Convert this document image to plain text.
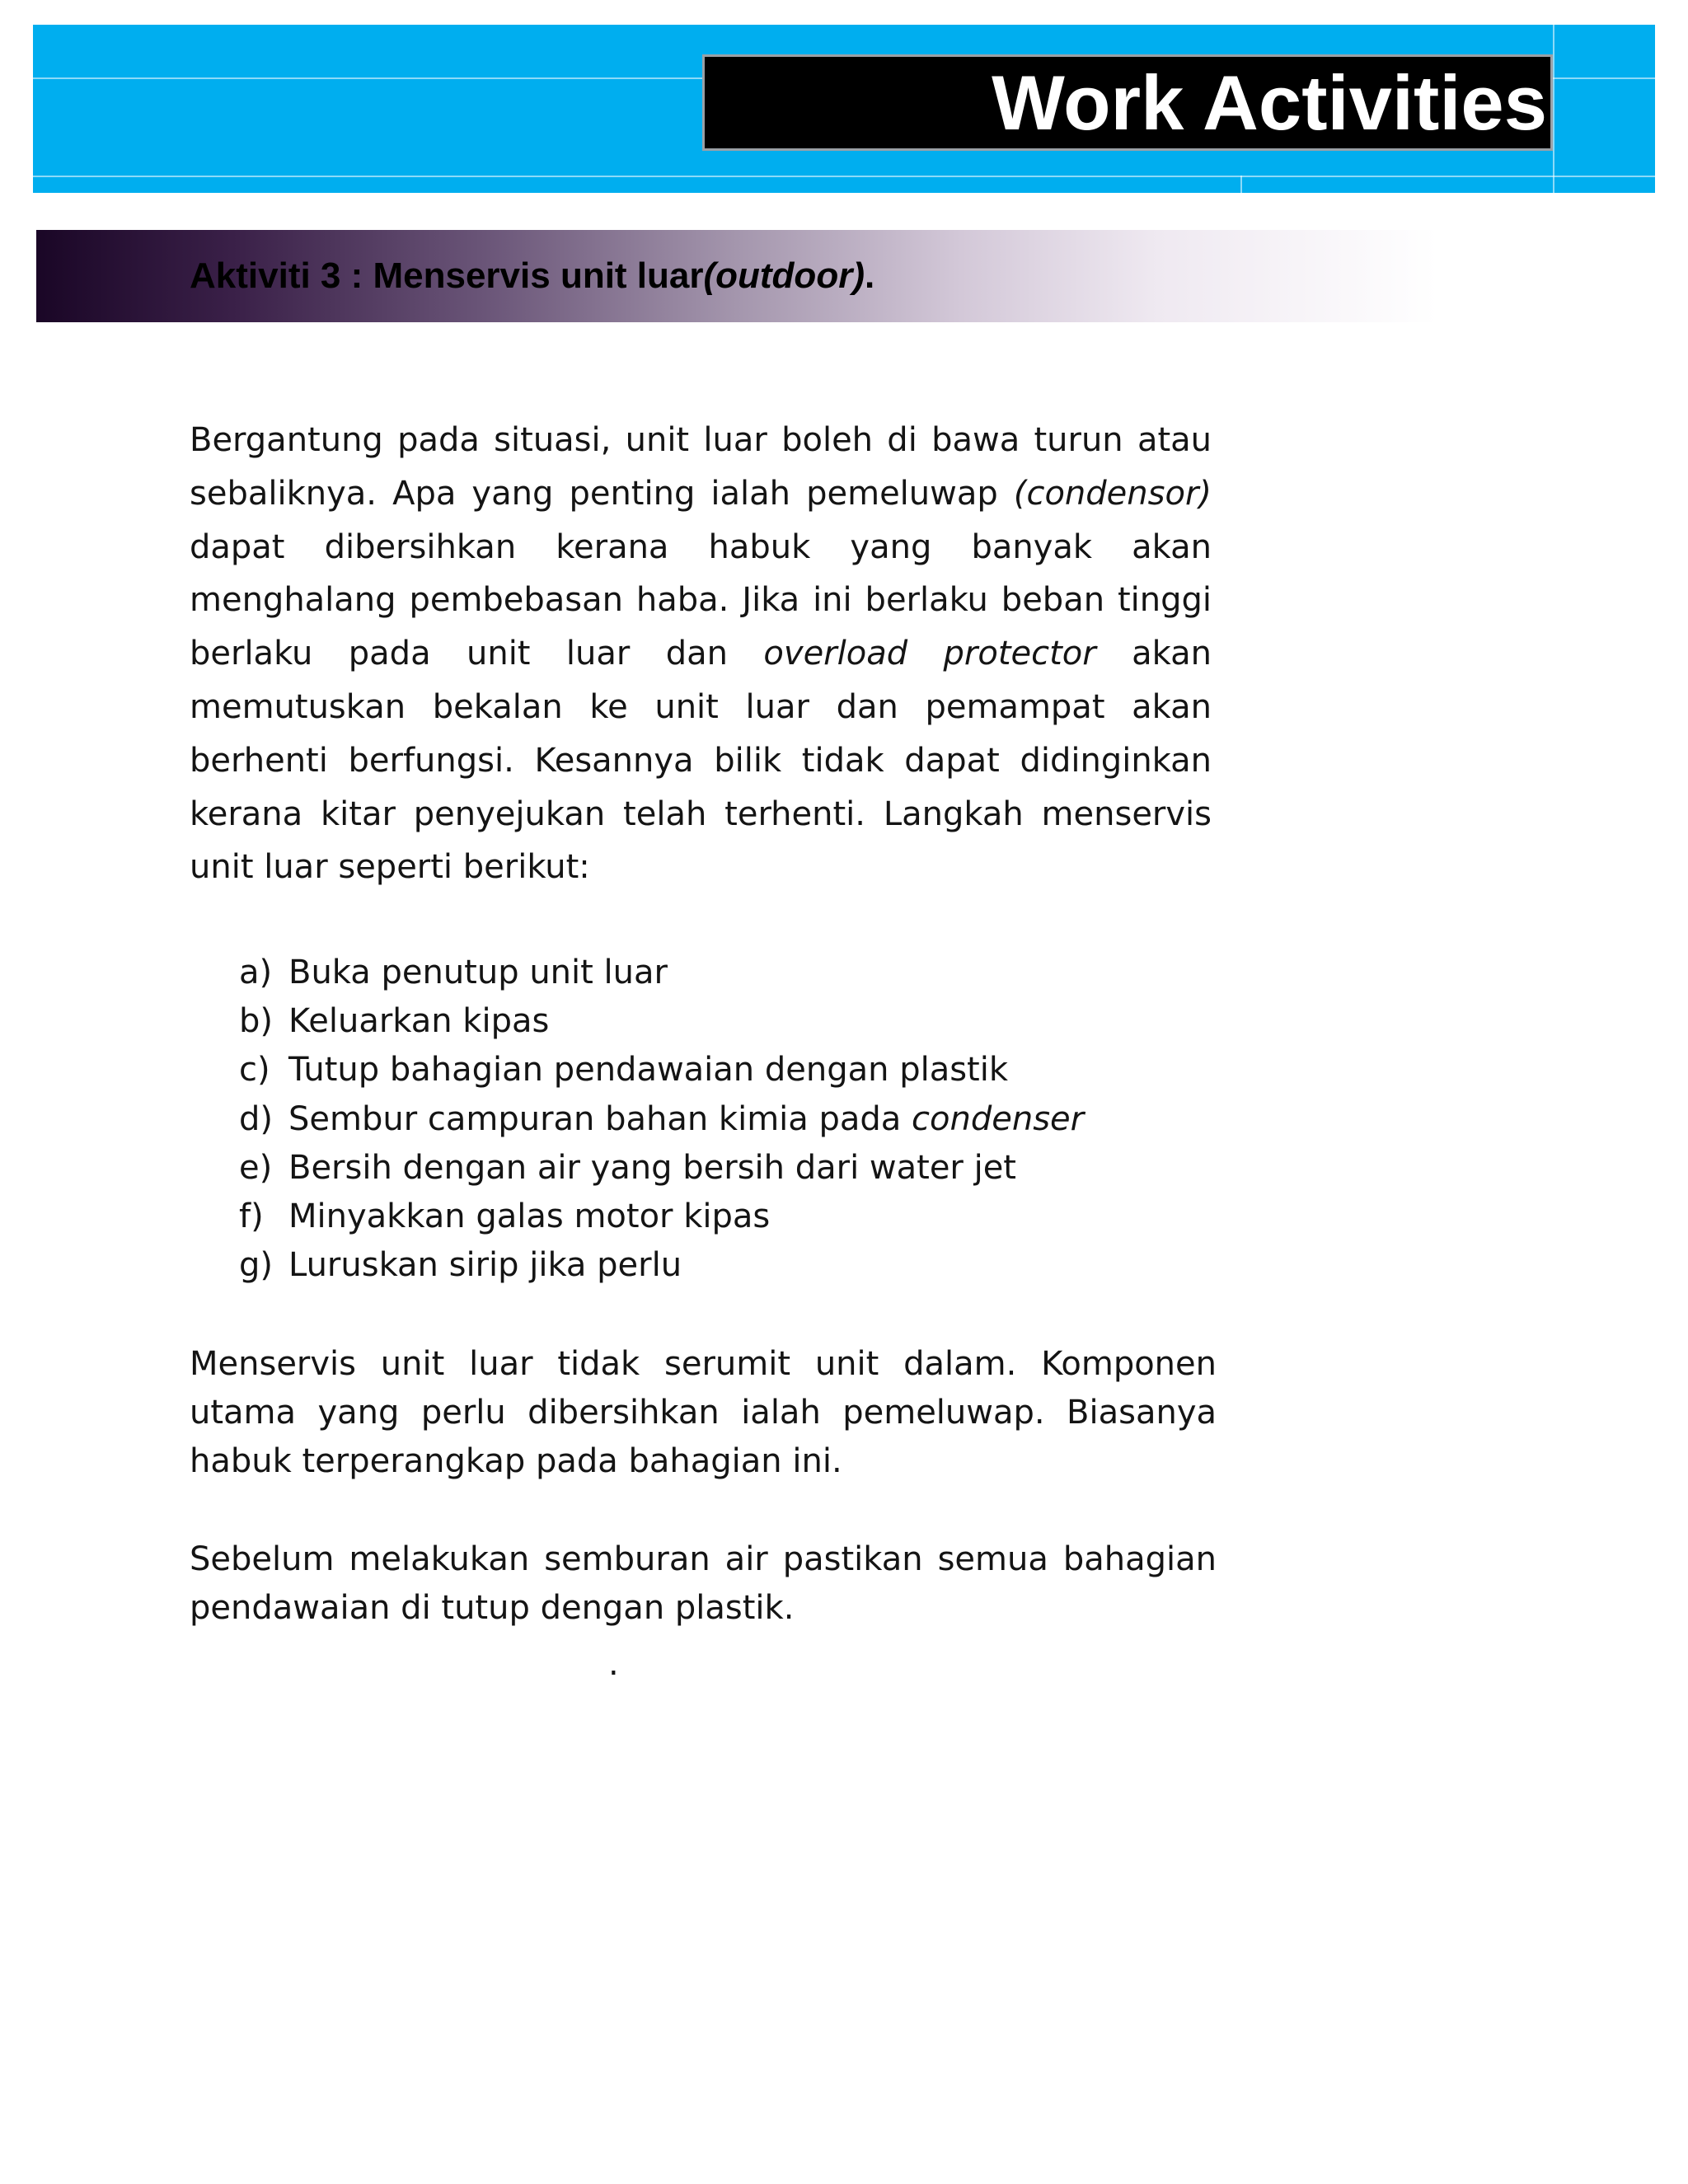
Work Activities
Aktiviti 3 : Menservis unit luar (outdoor) .
Bergantung pada situasi, unit luar boleh di bawa turun atau sebaliknya. Apa yang penting ialah pemeluwap (condensor) dapat dibersihkan kerana habuk yang banyak akan menghalang pembebasan haba. Jika ini berlaku beban tinggi berlaku pada unit luar dan overload protector akan memutuskan bekalan ke unit luar dan pemampat akan berhenti berfungsi. Kesannya bilik tidak dapat didinginkan kerana kitar penyejukan telah terhenti. Langkah menservis unit luar seperti berikut:
a) Buka penutup unit luar
b) Keluarkan kipas
c) Tutup bahagian pendawaian dengan plastik
d) Sembur campuran bahan kimia pada condenser
e) Bersih dengan air yang bersih dari water jet
f) Minyakkan galas motor kipas
g) Luruskan sirip jika perlu
Menservis unit luar tidak serumit unit dalam. Komponen utama yang perlu dibersihkan ialah pemeluwap. Biasanya habuk terperangkap pada bahagian ini.
Sebelum melakukan semburan air pastikan semua bahagian pendawaian di tutup dengan plastik.
.
